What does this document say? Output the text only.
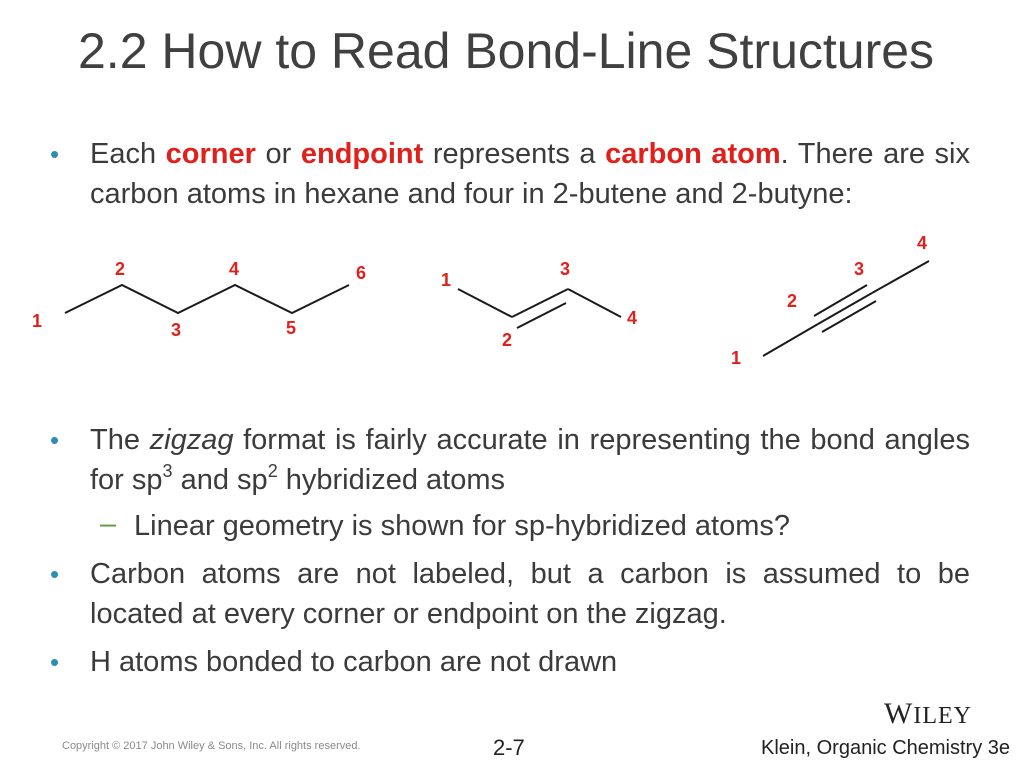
2.2 How to Read Bond-Line Structures
• Each corner or endpoint represents a carbon atom. There are six carbon atoms in hexane and four in 2-butene and 2-butyne:
1
2
3
4
5
6	1
2
3
4
1
2
3
4
• The zigzag format is fairly accurate in representing the bond angles for $sp^3$ and $sp^2$ hybridized atoms
– Linear geometry is shown for sp-hybridized atoms?
• Carbon atoms are not labeled, but a carbon is assumed to be located at every corner or endpoint on the zigzag.
• H atoms bonded to carbon are not drawn
WILEY
Copyright © 2017 John Wiley & Sons, Inc. All rights reserved.	2-7	Klein, Organic Chemistry 3e
